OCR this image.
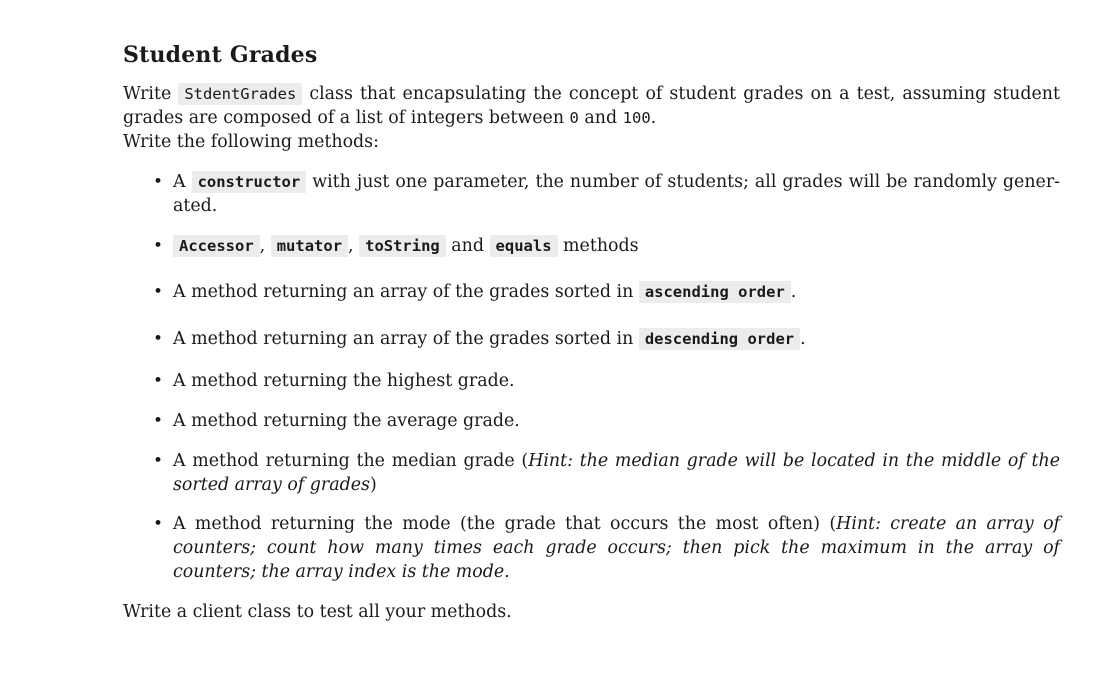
Student Grades

Write StdentGrades class that encapsulating the concept of student grades on a test, assuming student grades are composed of a list of integers between 0 and 100.
Write the following methods:

• A constructor with just one parameter, the number of students; all grades will be randomly gener- ated.
•	Accessor , mutator , toString and equals methods
• A method returning an array of the grades sorted in ascending order .
• A method returning an array of the grades sorted in descending order .
• A method returning the highest grade.
• A method returning the average grade.
• A method returning the median grade (Hint: the median grade will be located in the middle of the sorted array of grades)
• A method returning the mode (the grade that occurs the most often) (Hint: create an array of counters; count how many times each grade occurs; then pick the maximum in the array of counters; the array index is the mode.

Write a client class to test all your methods.
